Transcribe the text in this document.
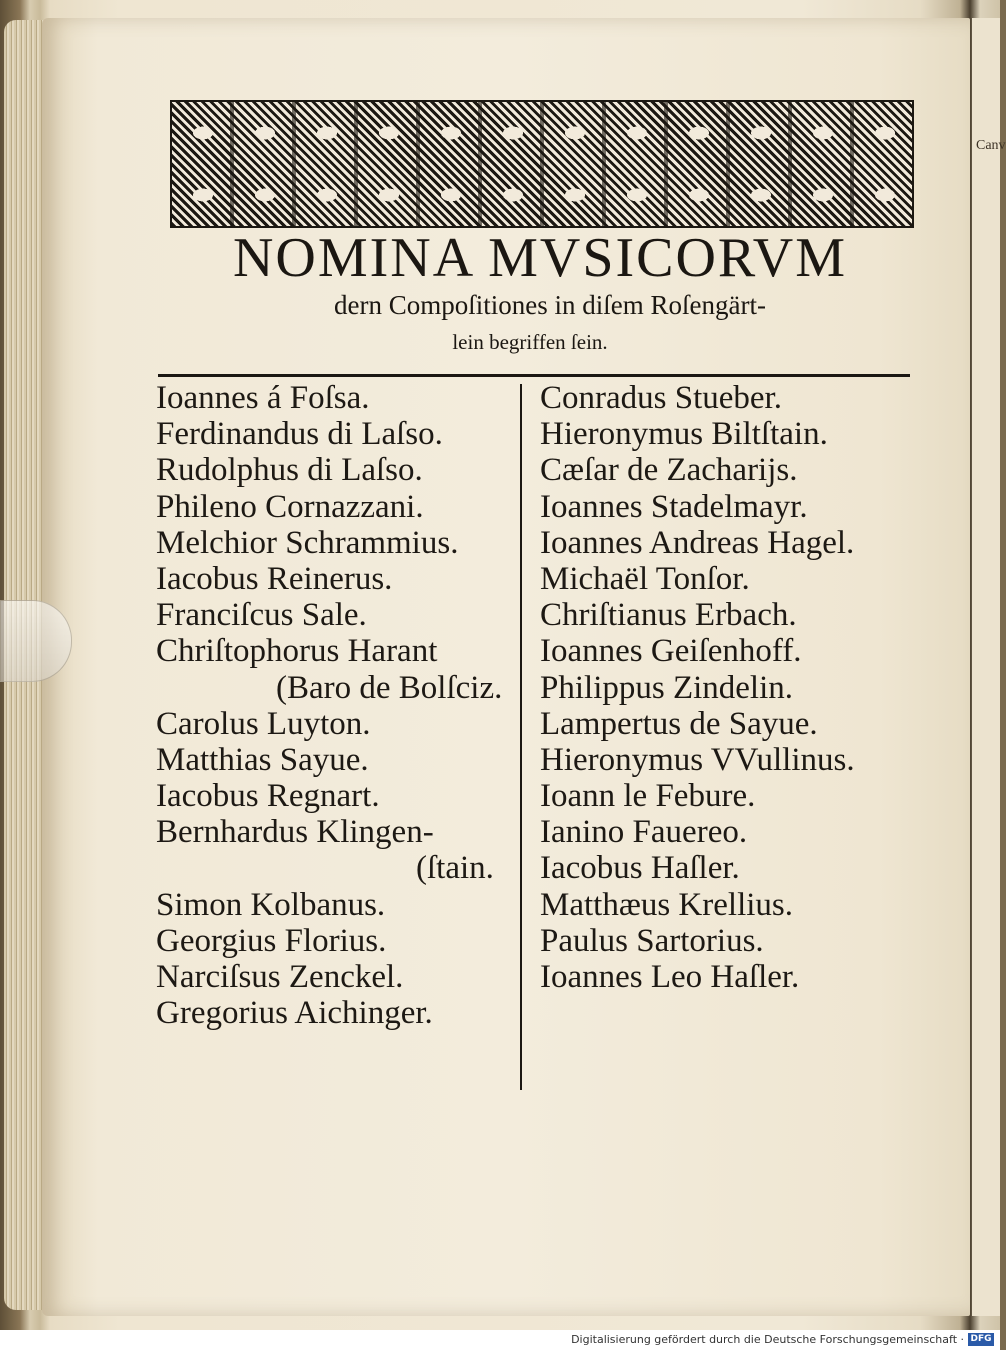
Canv
NOMINA MVSICORVM
dern Compoſitiones in diſem Roſengärt-
lein begriffen ſein.
Ioannes á Foſsa.
Ferdinandus di Laſso.
Rudolphus di Laſso.
Phileno Cornazzani.
Melchior Schrammius.
Iacobus Reinerus.
Franciſcus Sale.
Chriſtophorus Harant
(Baro de Bolſciz.
Carolus Luyton.
Matthias Sayue.
Iacobus Regnart.
Bernhardus Klingen-
(ſtain.
Simon Kolbanus.
Georgius Florius.
Narciſsus Zenckel.
Gregorius Aichinger.
Conradus Stueber.
Hieronymus Biltſtain.
Cæſar de Zacharijs.
Ioannes Stadelmayr.
Ioannes Andreas Hagel.
Michaël Tonſor.
Chriſtianus Erbach.
Ioannes Geiſenhoff.
Philippus Zindelin.
Lampertus de Sayue.
Hieronymus VVullinus.
Ioann le Febure.
Ianino Fauereo.
Iacobus Haſler.
Matthæus Krellius.
Paulus Sartorius.
Ioannes Leo Haſler.
Digitalisierung gefördert durch die Deutsche Forschungsgemeinschaft · DFG
